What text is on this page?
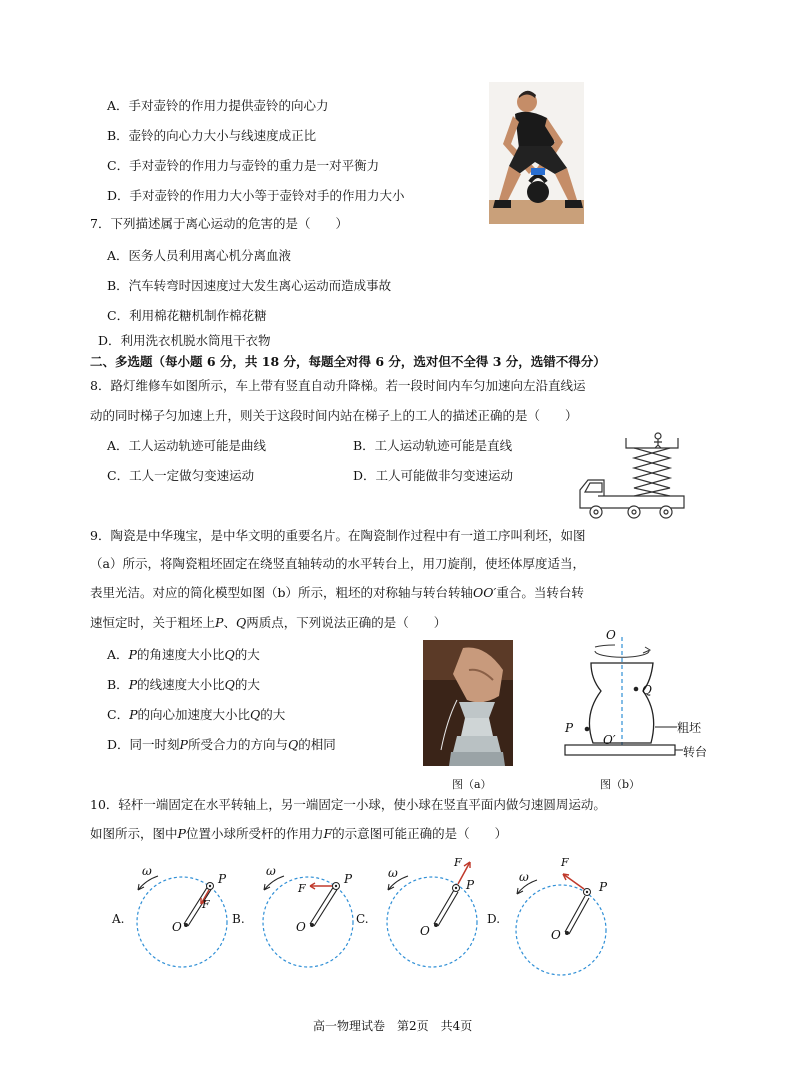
A．手对壶铃的作用力提供壶铃的向心力
B．壶铃的向心力大小与线速度成正比
C．手对壶铃的作用力与壶铃的重力是一对平衡力
D．手对壶铃的作用力大小等于壶铃对手的作用力大小
7．下列描述属于离心运动的危害的是（　　）
A．医务人员利用离心机分离血液
B．汽车转弯时因速度过大发生离心运动而造成事故
C．利用棉花糖机制作棉花糖
D．利用洗衣机脱水筒甩干衣物
二、多选题（每小题 6 分，共 18 分，每题全对得 6 分，选对但不全得 3 分，选错不得分）
8．路灯维修车如图所示，车上带有竖直自动升降梯。若一段时间内车匀加速向左沿直线运
动的同时梯子匀加速上升，则关于这段时间内站在梯子上的工人的描述正确的是（　　）
A．工人运动轨迹可能是曲线	B．工人运动轨迹可能是直线
C．工人一定做匀变速运动	D．工人可能做非匀变速运动
9．陶瓷是中华瑰宝，是中华文明的重要名片。在陶瓷制作过程中有一道工序叫利坯，如图
（a）所示，将陶瓷粗坯固定在绕竖直轴转动的水平转台上，用刀旋削，使坯体厚度适当，
表里光洁。对应的简化模型如图（b）所示，粗坯的对称轴与转台转轴OO′重合。当转台转
速恒定时，关于粗坯上P、Q两质点，下列说法正确的是（　　）
A．P的角速度大小比Q的大
B．P的线速度大小比Q的大
C．P的向心加速度大小比Q的大
D．同一时刻P所受合力的方向与Q的相同
图（a）
O
Q
P
O′
粗坯
转台
图（b）
10．轻杆一端固定在水平转轴上，另一端固定一小球，使小球在竖直平面内做匀速圆周运动。
如图所示，图中P位置小球所受杆的作用力F的示意图可能正确的是（　　）
A.
ω
P
O
F
B.
ω
P
O
F
C.
ω
P
O
F
D.
ω
P
O
F
高一物理试卷　第2页　共4页
